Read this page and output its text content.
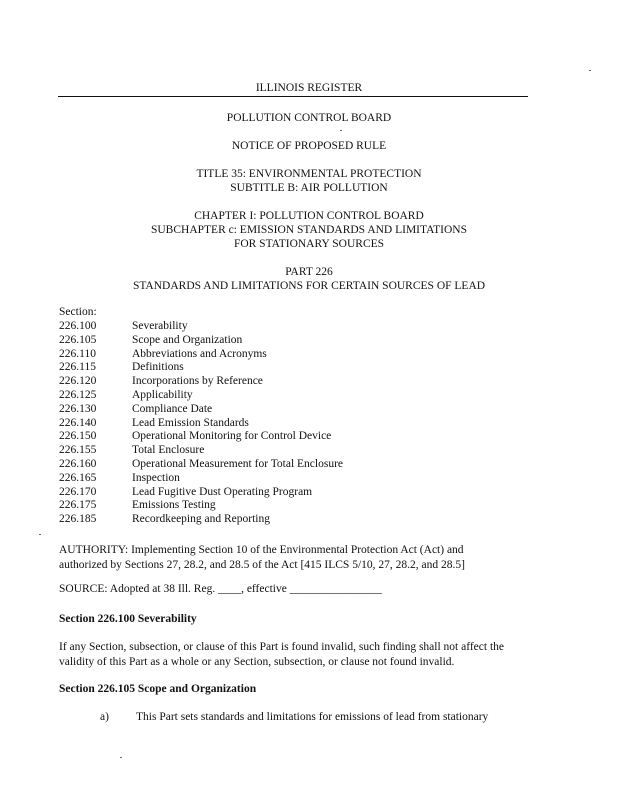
ILLINOIS REGISTER
POLLUTION CONTROL BOARD
NOTICE OF PROPOSED RULE
TITLE 35: ENVIRONMENTAL PROTECTION
SUBTITLE B: AIR POLLUTION
CHAPTER I: POLLUTION CONTROL BOARD
SUBCHAPTER c: EMISSION STANDARDS AND LIMITATIONS
FOR STATIONARY SOURCES
PART 226
STANDARDS AND LIMITATIONS FOR CERTAIN SOURCES OF LEAD
Section:
226.100	Severability
226.105	Scope and Organization
226.110	Abbreviations and Acronyms
226.115	Definitions
226.120	Incorporations by Reference
226.125	Applicability
226.130	Compliance Date
226.140	Lead Emission Standards
226.150	Operational Monitoring for Control Device
226.155	Total Enclosure
226.160	Operational Measurement for Total Enclosure
226.165	Inspection
226.170	Lead Fugitive Dust Operating Program
226.175	Emissions Testing
226.185	Recordkeeping and Reporting
AUTHORITY: Implementing Section 10 of the Environmental Protection Act (Act) and
authorized by Sections 27, 28.2, and 28.5 of the Act [415 ILCS 5/10, 27, 28.2, and 28.5]
SOURCE: Adopted at 38 Ill. Reg. ____, effective ________________
Section 226.100 Severability
If any Section, subsection, or clause of this Part is found invalid, such finding shall not affect the
validity of this Part as a whole or any Section, subsection, or clause not found invalid.
Section 226.105 Scope and Organization
a) This Part sets standards and limitations for emissions of lead from stationary
